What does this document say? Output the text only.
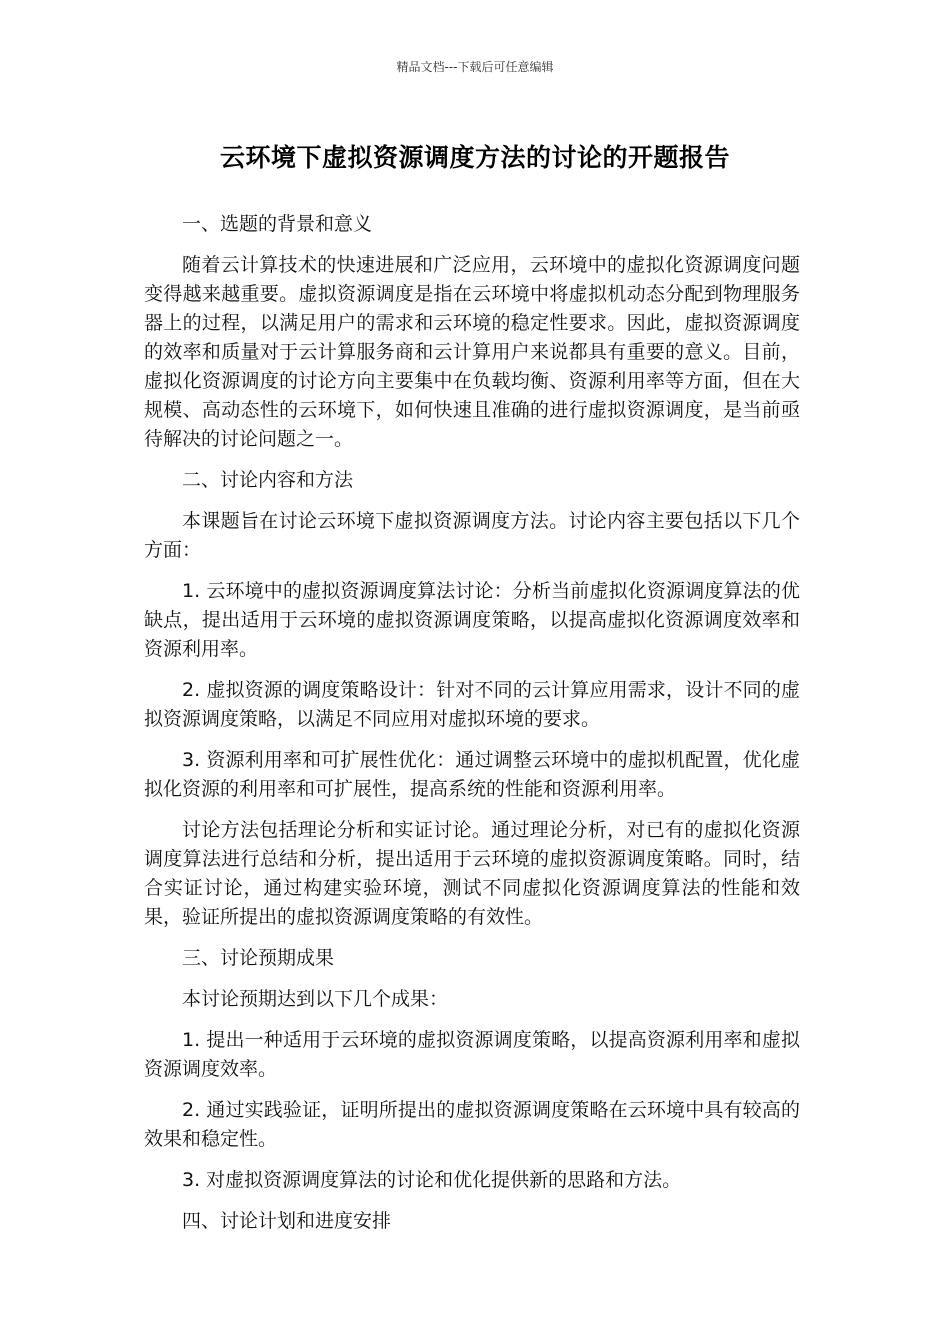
精品文档---下载后可任意编辑
云环境下虚拟资源调度方法的讨论的开题报告
一、选题的背景和意义
随着云计算技术的快速进展和广泛应用，云环境中的虚拟化资源调度问题变得越来越重要。虚拟资源调度是指在云环境中将虚拟机动态分配到物理服务器上的过程，以满足用户的需求和云环境的稳定性要求。因此，虚拟资源调度的效率和质量对于云计算服务商和云计算用户来说都具有重要的意义。目前，虚拟化资源调度的讨论方向主要集中在负载均衡、资源利用率等方面，但在大规模、高动态性的云环境下，如何快速且准确的进行虚拟资源调度，是当前亟待解决的讨论问题之一。
二、讨论内容和方法
本课题旨在讨论云环境下虚拟资源调度方法。讨论内容主要包括以下几个方面：
1. 云环境中的虚拟资源调度算法讨论：分析当前虚拟化资源调度算法的优缺点，提出适用于云环境的虚拟资源调度策略，以提高虚拟化资源调度效率和资源利用率。
2. 虚拟资源的调度策略设计：针对不同的云计算应用需求，设计不同的虚拟资源调度策略，以满足不同应用对虚拟环境的要求。
3. 资源利用率和可扩展性优化：通过调整云环境中的虚拟机配置，优化虚拟化资源的利用率和可扩展性，提高系统的性能和资源利用率。
讨论方法包括理论分析和实证讨论。通过理论分析，对已有的虚拟化资源调度算法进行总结和分析，提出适用于云环境的虚拟资源调度策略。同时，结合实证讨论，通过构建实验环境，测试不同虚拟化资源调度算法的性能和效果，验证所提出的虚拟资源调度策略的有效性。
三、讨论预期成果
本讨论预期达到以下几个成果：
1. 提出一种适用于云环境的虚拟资源调度策略，以提高资源利用率和虚拟资源调度效率。
2. 通过实践验证，证明所提出的虚拟资源调度策略在云环境中具有较高的效果和稳定性。
3. 对虚拟资源调度算法的讨论和优化提供新的思路和方法。
四、讨论计划和进度安排
